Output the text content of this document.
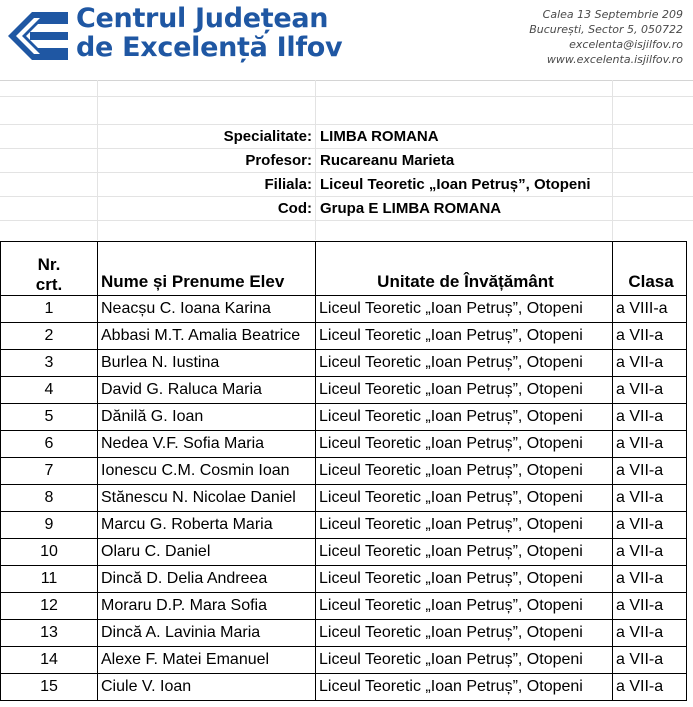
Centrul Județean
de Excelență Ilfov
Calea 13 Septembrie 209
București, Sector 5, 050722
excelenta@isjilfov.ro
www.excelenta.isjilfov.ro
Specialitate: LIMBA ROMANA
Profesor: Rucareanu Marieta
Filiala: Liceul Teoretic „Ioan Petruș”, Otopeni
Cod: Grupa E LIMBA ROMANA
Nr.
crt.	Nume și Prenume Elev	Unitate de Învățământ	Clasa
1	Neacșu C. Ioana Karina	Liceul Teoretic „Ioan Petruș”, Otopeni	a VIII-a
2	Abbasi M.T. Amalia Beatrice	Liceul Teoretic „Ioan Petruș”, Otopeni	a VII-a
3	Burlea N. Iustina	Liceul Teoretic „Ioan Petruș”, Otopeni	a VII-a
4	David G. Raluca Maria	Liceul Teoretic „Ioan Petruș”, Otopeni	a VII-a
5	Dănilă G. Ioan	Liceul Teoretic „Ioan Petruș”, Otopeni	a VII-a
6	Nedea V.F. Sofia Maria	Liceul Teoretic „Ioan Petruș”, Otopeni	a VII-a
7	Ionescu C.M. Cosmin Ioan	Liceul Teoretic „Ioan Petruș”, Otopeni	a VII-a
8	Stănescu N. Nicolae Daniel	Liceul Teoretic „Ioan Petruș”, Otopeni	a VII-a
9	Marcu G. Roberta Maria	Liceul Teoretic „Ioan Petruș”, Otopeni	a VII-a
10	Olaru C. Daniel	Liceul Teoretic „Ioan Petruș”, Otopeni	a VII-a
11	Dincă D. Delia Andreea	Liceul Teoretic „Ioan Petruș”, Otopeni	a VII-a
12	Moraru D.P. Mara Sofia	Liceul Teoretic „Ioan Petruș”, Otopeni	a VII-a
13	Dincă A. Lavinia Maria	Liceul Teoretic „Ioan Petruș”, Otopeni	a VII-a
14	Alexe F. Matei Emanuel	Liceul Teoretic „Ioan Petruș”, Otopeni	a VII-a
15	Ciule V. Ioan	Liceul Teoretic „Ioan Petruș”, Otopeni	a VII-a
